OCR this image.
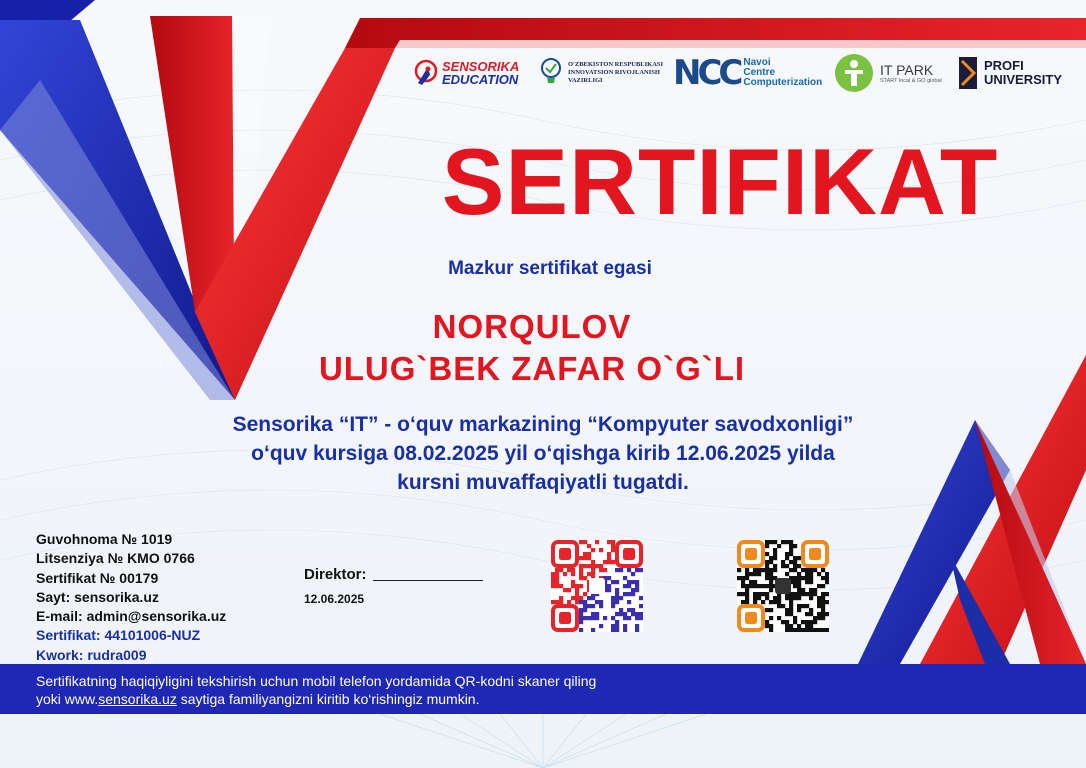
SENSORIKA
EDUCATION
O'ZBEKISTON RESPUBLIKASI
INNOVATSION RIVOJLANISH
VAZIRLIGI	NCC Navoi
Centre
Computerization
IT PARK
START local & GO global
PROFI
UNIVERSITY
SERTIFIKAT
Mazkur sertifikat egasi
NORQULOV
ULUG`BEK ZAFAR O`G`LI
Sensorika “IT” - o‘quv markazining “Kompyuter savodxonligi”
o‘quv kursiga 08.02.2025 yil o‘qishga kirib 12.06.2025 yilda
kursni muvaffaqiyatli tugatdi.
Guvohnoma № 1019
Litsenziya № KMO 0766
Sertifikat № 00179
Sayt: sensorika.uz
E-mail: admin@sensorika.uz
Sertifikat: 44101006-NUZ
Kwork: rudra009
Direktor:
12.06.2025
Sertifikatning haqiqiyligini tekshirish uchun mobil telefon yordamida QR-kodni skaner qiling
yoki www.sensorika.uz saytiga familiyangizni kiritib ko‘rishingiz mumkin.
